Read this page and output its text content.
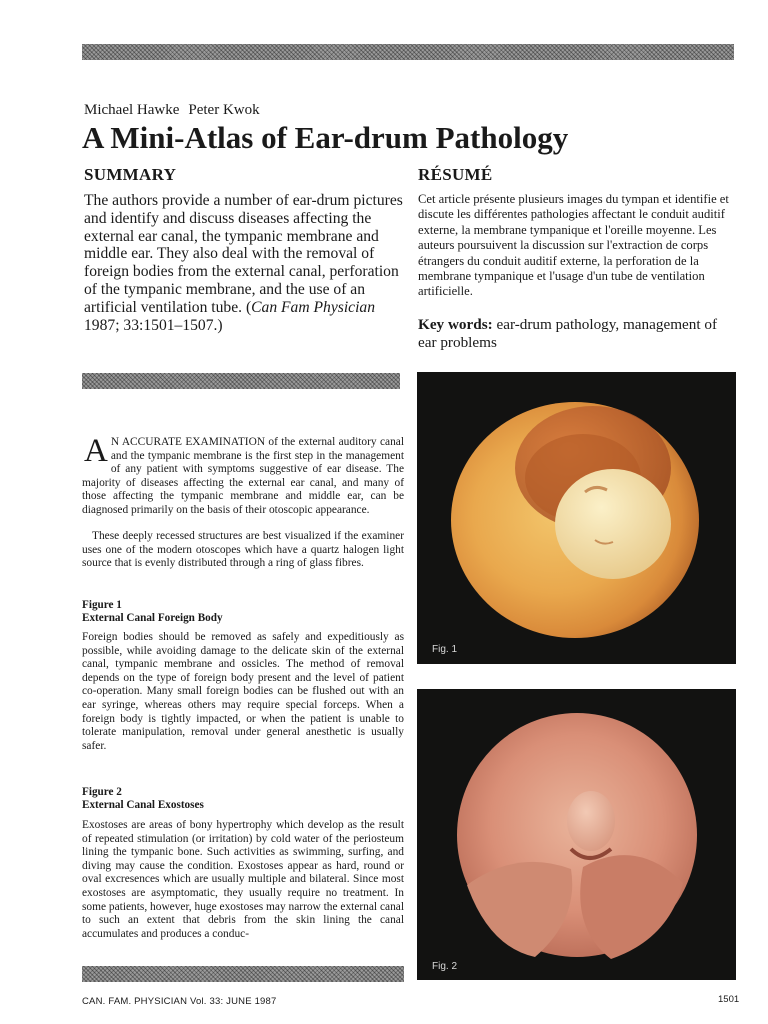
Michael Hawke Peter Kwok
A Mini-Atlas of Ear-drum Pathology
SUMMARY

The authors provide a number of ear-drum pictures and identify and discuss diseases affecting the external ear canal, the tympanic membrane and middle ear. They also deal with the removal of foreign bodies from the external canal, perforation of the tympanic membrane, and the use of an artificial ventilation tube. (Can Fam Physician 1987; 33:1501–1507.)

RÉSUMÉ

Cet article présente plusieurs images du tympan et identifie et discute les différentes pathologies affectant le conduit auditif externe, la membrane tympanique et l'oreille moyenne. Les auteurs poursuivent la discussion sur l'extraction de corps étrangers du conduit auditif externe, la perforation de la membrane tympanique et l'usage d'un tube de ventilation artificielle.

Key words: ear-drum pathology, management of ear problems

A N ACCURATE EXAMINATION of the external auditory canal and the tympanic membrane is the first step in the management of any patient with symptoms suggestive of ear disease. The majority of diseases affecting the external ear canal, and many of those affecting the tympanic membrane and middle ear, can be diagnosed primarily on the basis of their otoscopic appearance.

These deeply recessed structures are best visualized if the examiner uses one of the modern otoscopes which have a quartz halogen light source that is evenly distributed through a ring of glass fibres.

Figure 1
External Canal Foreign Body

Foreign bodies should be removed as safely and expeditiously as possible, while avoiding damage to the delicate skin of the external canal, tympanic membrane and ossicles. The method of removal depends on the type of foreign body present and the level of patient co-operation. Many small foreign bodies can be flushed out with an ear syringe, whereas others may require special forceps. When a foreign body is tightly impacted, or when the patient is unable to tolerate manipulation, removal under general anesthetic is usually safer.

Figure 2
External Canal Exostoses

Exostoses are areas of bony hypertrophy which develop as the result of repeated stimulation (or irritation) by cold water of the periosteum lining the tympanic bone. Such activities as swimming, surfing, and diving may cause the condition. Exostoses appear as hard, round or oval excresences which are usually multiple and bilateral. Since most exostoses are asymptomatic, they usually require no treatment. In some patients, however, huge exostoses may narrow the external canal to such an extent that debris from the skin lining the canal accumulates and produces a conduc-

Fig. 1
Fig. 2
CAN. FAM. PHYSICIAN Vol. 33: JUNE 1987	1501
